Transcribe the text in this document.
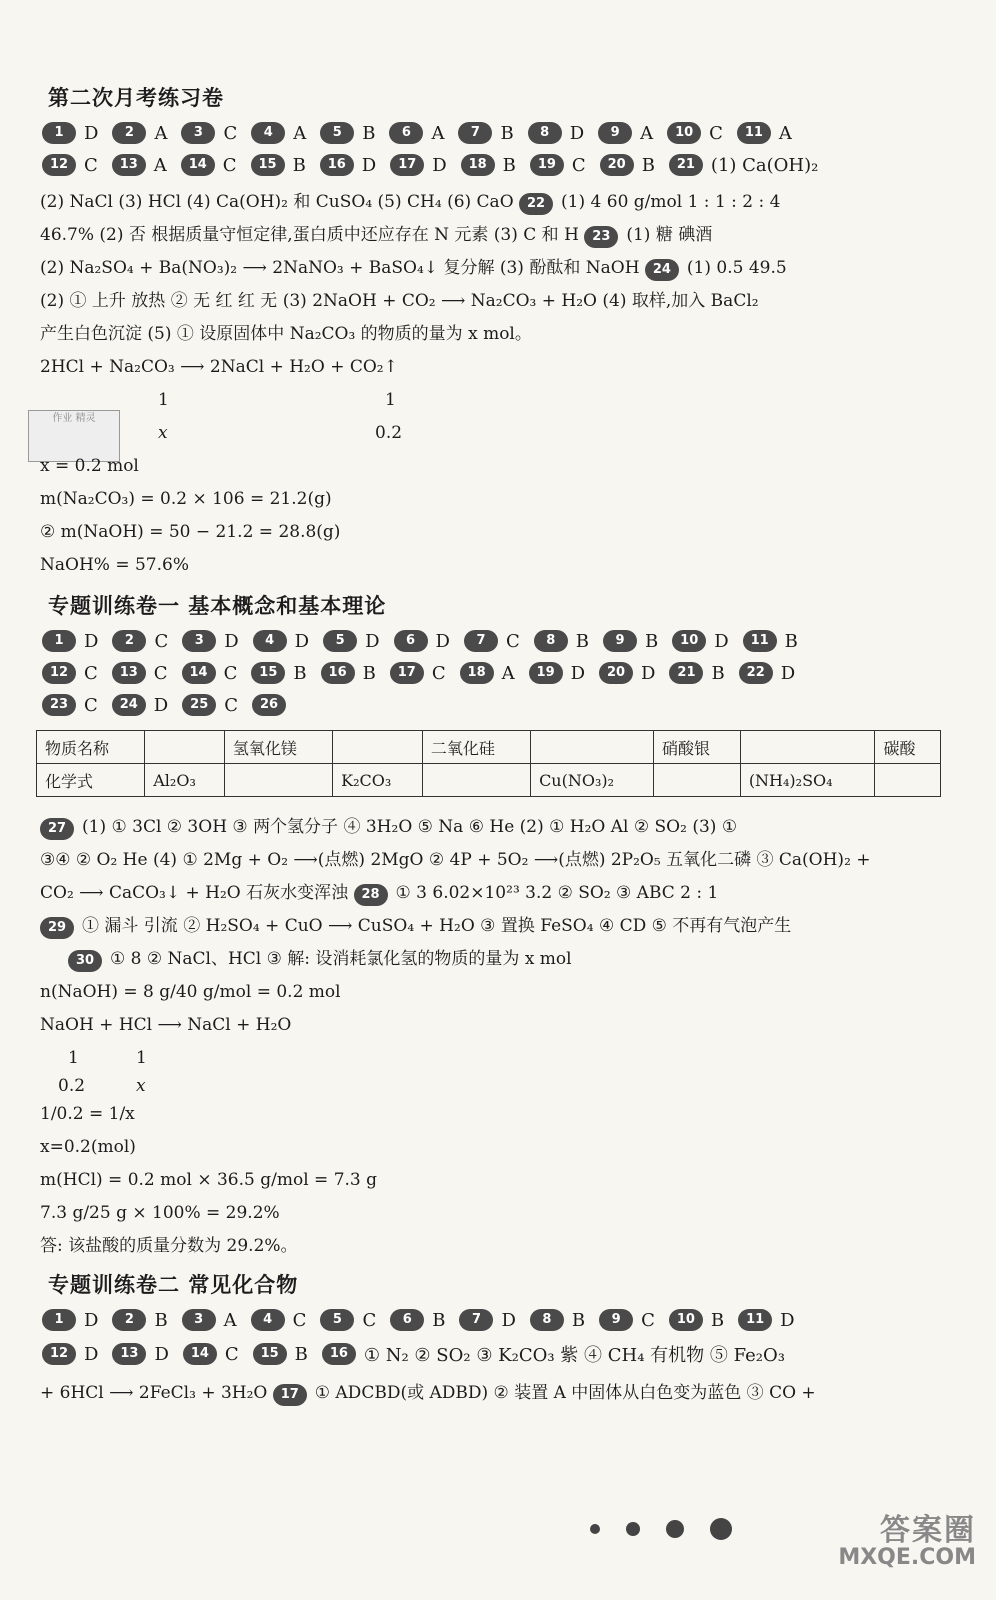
作业 精灵
第二次月考练习卷
1	D	2	A	3	C	4	A	5	B	6	A	7	B	8	D	9	A	10 C	11 A
12 C	13 A	14 C	15 B	16 D	17 D	18 B	19 C	20 B	21 (1) Ca(OH)₂
(2) NaCl (3) HCl (4) Ca(OH)₂ 和 CuSO₄ (5) CH₄ (6) CaO 22 (1) 4 60 g/mol 1 : 1 : 2 : 4
46.7% (2) 否 根据质量守恒定律,蛋白质中还应存在 N 元素 (3) C 和 H 23 (1) 糖 碘酒
(2) Na₂SO₄ + Ba(NO₃)₂ ⟶ 2NaNO₃ + BaSO₄↓ 复分解 (3) 酚酞和 NaOH 24 (1) 0.5 49.5
(2) ① 上升 放热 ② 无 红 红 无 (3) 2NaOH + CO₂ ⟶ Na₂CO₃ + H₂O (4) 取样,加入 BaCl₂
产生白色沉淀 (5) ① 设原固体中 Na₂CO₃ 的物质的量为 x mol。
2HCl + Na₂CO₃ ⟶ 2NaCl + H₂O + CO₂↑
1	1
x	0.2
x = 0.2 mol
m(Na₂CO₃) = 0.2 × 106 = 21.2(g)
② m(NaOH) = 50 − 21.2 = 28.8(g)
NaOH% = 57.6%
专题训练卷一 基本概念和基本理论
1	D	2	C	3	D	4	D	5	D	6	D	7	C	8	B	9	B	10 D	11 B
12 C	13 C	14 C	15 B	16 B	17 C	18 A	19 D	20 D	21 B	22 D
23 C	24 D	25 C	26
物质名称		氢氧化镁		二氧化硅		硝酸银		碳酸
化学式	Al₂O₃		K₂CO₃		Cu(NO₃)₂		(NH₄)₂SO₄	
27 (1) ① 3Cl ② 3OH ③ 两个氢分子 ④ 3H₂O ⑤ Na ⑥ He (2) ① H₂O Al ② SO₂ (3) ①
③④ ② O₂ He (4) ① 2Mg + O₂ ⟶(点燃) 2MgO ② 4P + 5O₂ ⟶(点燃) 2P₂O₅ 五氧化二磷 ③ Ca(OH)₂ +
CO₂ ⟶ CaCO₃↓ + H₂O 石灰水变浑浊 28 ① 3 6.02×10²³ 3.2 ② SO₂ ③ ABC 2 : 1
29 ① 漏斗 引流 ② H₂SO₄ + CuO ⟶ CuSO₄ + H₂O ③ 置换 FeSO₄ ④ CD ⑤ 不再有气泡产生
30 ① 8 ② NaCl、HCl ③ 解: 设消耗氯化氢的物质的量为 x mol
n(NaOH) = 8 g/40 g/mol = 0.2 mol
NaOH + HCl ⟶ NaCl + H₂O
1	1
0.2	x
1/0.2 = 1/x
x=0.2(mol)
m(HCl) = 0.2 mol × 36.5 g/mol = 7.3 g
7.3 g/25 g × 100% = 29.2%
答: 该盐酸的质量分数为 29.2%。
专题训练卷二 常见化合物
1	D	2	B	3	A	4	C	5	C	6	B	7	D	8	B	9	C	10 B	11 D
12 D	13 D	14 C	15 B	16 ① N₂ ② SO₂ ③ K₂CO₃ 紫 ④ CH₄ 有机物 ⑤ Fe₂O₃
+ 6HCl ⟶ 2FeCl₃ + 3H₂O 17 ① ADCBD(或 ADBD) ② 装置 A 中固体从白色变为蓝色 ③ CO +
答案圈
MXQE.COM
